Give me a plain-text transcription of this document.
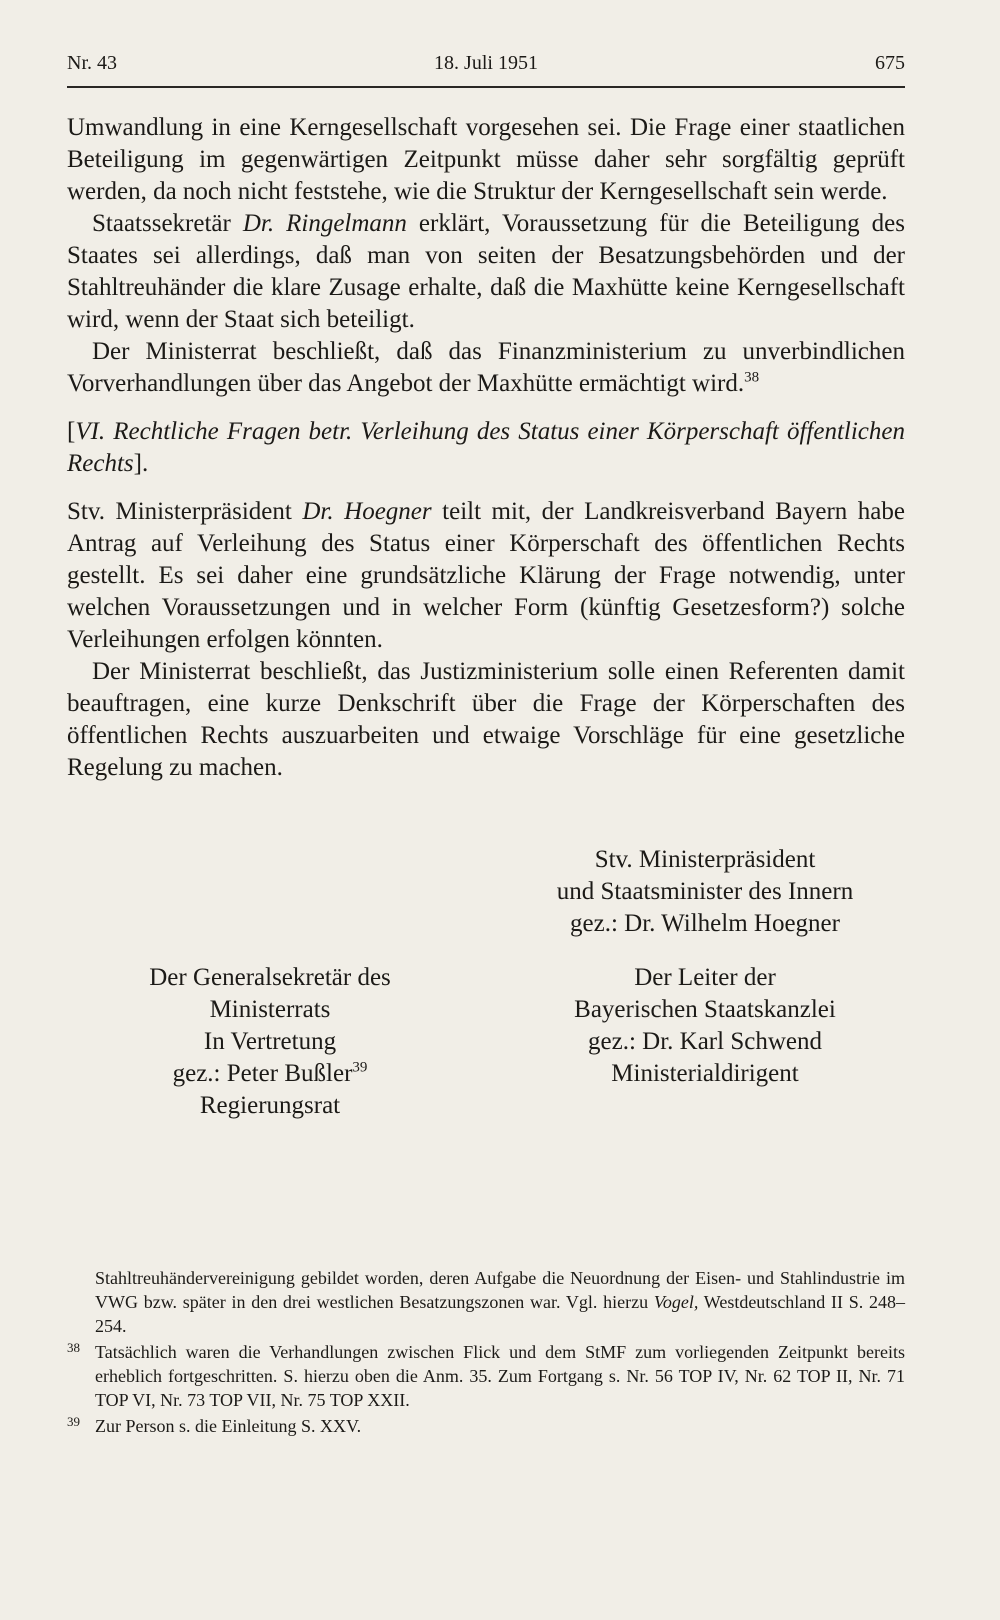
Nr. 43	18. Juli 1951	675

Umwandlung in eine Kerngesellschaft vorgesehen sei. Die Frage einer staatlichen Beteiligung im gegenwärtigen Zeitpunkt müsse daher sehr sorgfältig geprüft werden, da noch nicht feststehe, wie die Struktur der Kerngesellschaft sein werde.

Staatssekretär Dr. Ringelmann erklärt, Voraussetzung für die Beteiligung des Staates sei allerdings, daß man von seiten der Besatzungsbehörden und der Stahltreuhänder die klare Zusage erhalte, daß die Maxhütte keine Kerngesellschaft wird, wenn der Staat sich beteiligt.

Der Ministerrat beschließt, daß das Finanzministerium zu unverbindlichen Vorverhandlungen über das Angebot der Maxhütte ermächtigt wird.$^{38}$

[VI. Rechtliche Fragen betr. Verleihung des Status einer Körperschaft öffentlichen Rechts].

Stv. Ministerpräsident Dr. Hoegner teilt mit, der Landkreisverband Bayern habe Antrag auf Verleihung des Status einer Körperschaft des öffentlichen Rechts gestellt. Es sei daher eine grundsätzliche Klärung der Frage notwendig, unter welchen Voraussetzungen und in welcher Form (künftig Gesetzesform?) solche Verleihungen erfolgen könnten.

Der Ministerrat beschließt, das Justizministerium solle einen Referenten damit beauftragen, eine kurze Denkschrift über die Frage der Körperschaften des öffentlichen Rechts auszuarbeiten und etwaige Vorschläge für eine gesetzliche Regelung zu machen.

Stv. Ministerpräsident
und Staatsminister des Innern
gez.: Dr. Wilhelm Hoegner
Der Generalsekretär des
Ministerrats
In Vertretung
gez.: Peter Bußler$^{39}$
Regierungsrat
Der Leiter der
Bayerischen Staatskanzlei
gez.: Dr. Karl Schwend
Ministerialdirigent

Stahltreuhändervereinigung gebildet worden, deren Aufgabe die Neuordnung der Eisen- und Stahlindustrie im VWG bzw. später in den drei westlichen Besatzungszonen war. Vgl. hierzu Vogel, Westdeutschland II S. 248–254.

38 Tatsächlich waren die Verhandlungen zwischen Flick und dem StMF zum vorliegenden Zeitpunkt bereits erheblich fortgeschritten. S. hierzu oben die Anm. 35. Zum Fortgang s. Nr. 56 TOP IV, Nr. 62 TOP II, Nr. 71 TOP VI, Nr. 73 TOP VII, Nr. 75 TOP XXII.

39 Zur Person s. die Einleitung S. XXV.
